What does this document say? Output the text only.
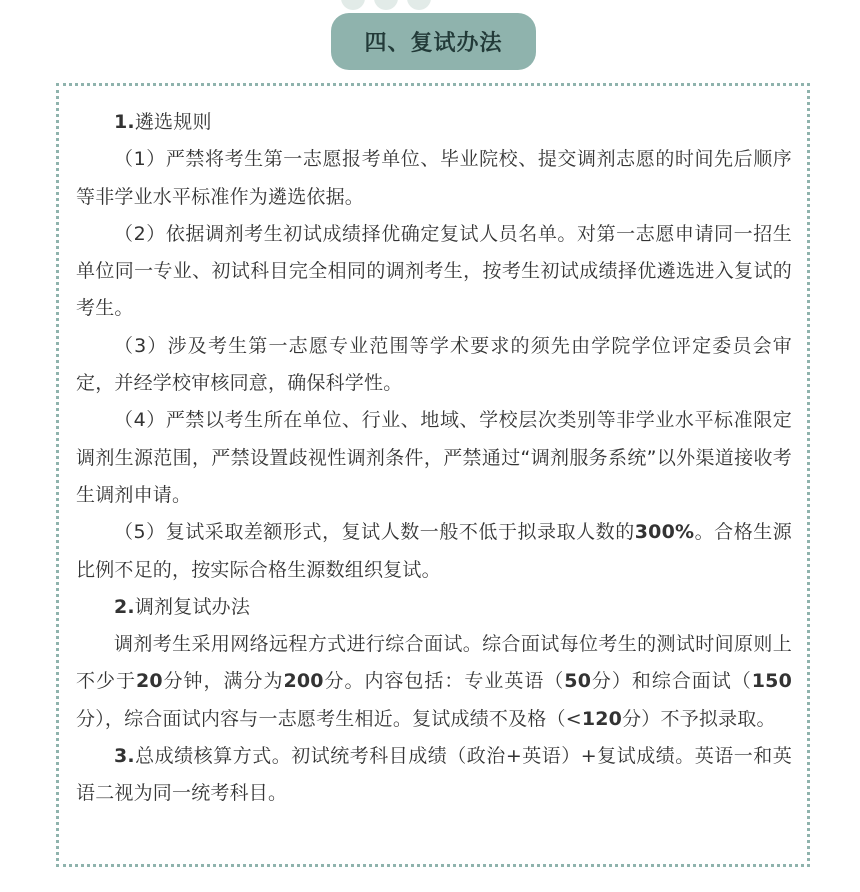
四、复试办法

1.遴选规则

（1）严禁将考生第一志愿报考单位、毕业院校、提交调剂志愿的时间先后顺序等非学业水平标准作为遴选依据。

（2）依据调剂考生初试成绩择优确定复试人员名单。对第一志愿申请同一招生单位同一专业、初试科目完全相同的调剂考生，按考生初试成绩择优遴选进入复试的考生。

（3）涉及考生第一志愿专业范围等学术要求的须先由学院学位评定委员会审定，并经学校审核同意，确保科学性。

（4）严禁以考生所在单位、行业、地域、学校层次类别等非学业水平标准限定调剂生源范围，严禁设置歧视性调剂条件，严禁通过“调剂服务系统”以外渠道接收考生调剂申请。

（5）复试采取差额形式，复试人数一般不低于拟录取人数的300%。合格生源比例不足的，按实际合格生源数组织复试。

2.调剂复试办法

调剂考生采用网络远程方式进行综合面试。综合面试每位考生的测试时间原则上不少于20分钟，满分为200分。内容包括：专业英语（50分）和综合面试（150分），综合面试内容与一志愿考生相近。复试成绩不及格（<120分）不予拟录取。

3.总成绩核算方式。初试统考科目成绩（政治+英语）+复试成绩。英语一和英语二视为同一统考科目。
